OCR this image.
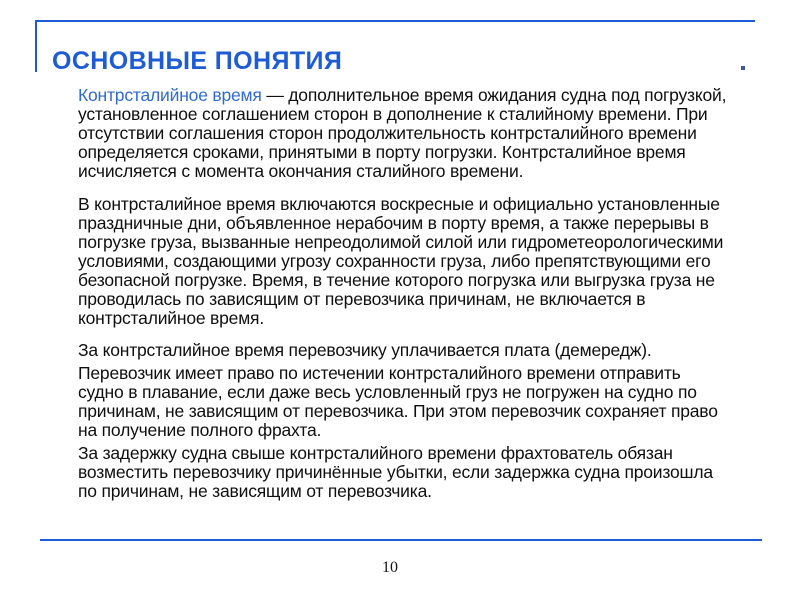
ОСНОВНЫЕ ПОНЯТИЯ
Контрсталийное время — дополнительное время ожидания судна под погрузкой,
установленное соглашением сторон в дополнение к сталийному времени. При
отсутствии соглашения сторон продолжительность контрсталийного времени
определяется сроками, принятыми в порту погрузки. Контрсталийное время
исчисляется с момента окончания сталийного времени.
В контрсталийное время включаются воскресные и официально установленные
праздничные дни, объявленное нерабочим в порту время, а также перерывы в
погрузке груза, вызванные непреодолимой силой или гидрометеорологическими
условиями, создающими угрозу сохранности груза, либо препятствующими его
безопасной погрузке. Время, в течение которого погрузка или выгрузка груза не
проводилась по зависящим от перевозчика причинам, не включается в
контрсталийное время.
За контрсталийное время перевозчику уплачивается плата (демередж).
Перевозчик имеет право по истечении контрсталийного времени отправить
судно в плавание, если даже весь условленный груз не погружен на судно по
причинам, не зависящим от перевозчика. При этом перевозчик сохраняет право
на получение полного фрахта.
За задержку судна свыше контрсталийного времени фрахтователь обязан
возместить перевозчику причинённые убытки, если задержка судна произошла
по причинам, не зависящим от перевозчика.
10
